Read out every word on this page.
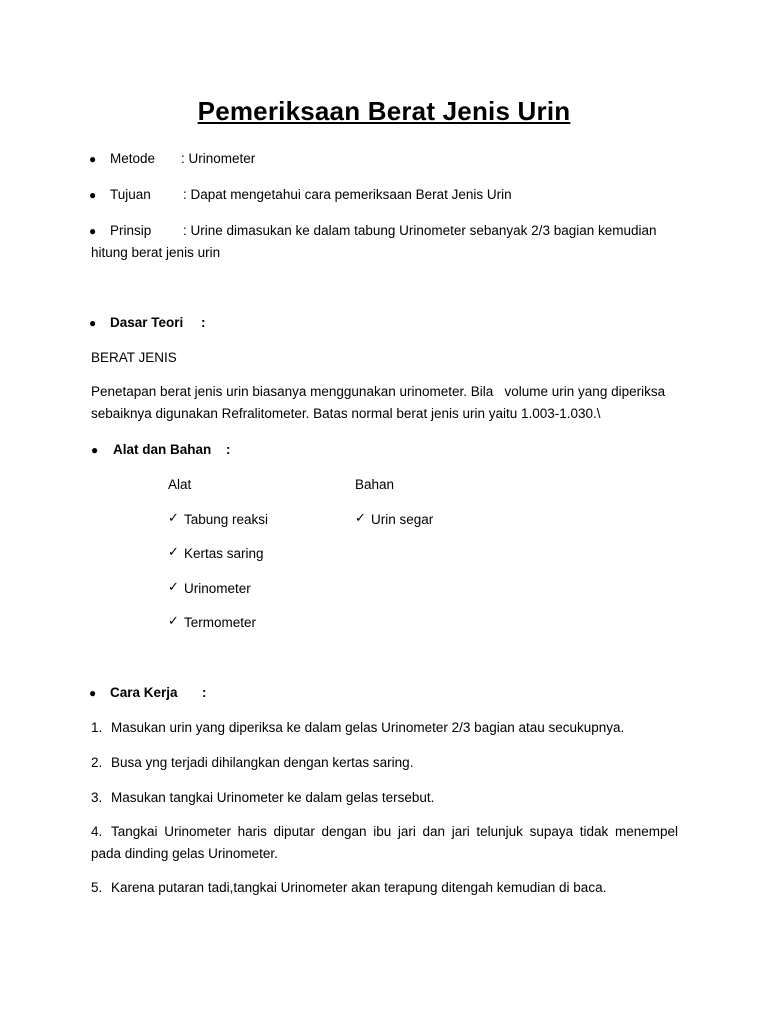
Pemeriksaan Berat Jenis Urin
● Metode : Urinometer
● Tujuan : Dapat mengetahui cara pemeriksaan Berat Jenis Urin
● Prinsip : Urine dimasukan ke dalam tabung Urinometer sebanyak 2/3 bagian kemudian
hitung berat jenis urin
● Dasar Teori :
BERAT JENIS
Penetapan berat jenis urin biasanya menggunakan urinometer. Bila   volume urin yang diperiksa
sebaiknya digunakan Refralitometer. Batas normal berat jenis urin yaitu 1.003-1.030.\
● Alat dan Bahan :
Alat	Bahan
✓ Tabung reaksi
✓ Kertas saring
✓ Urinometer
✓ Termometer
✓ Urin segar
● Cara Kerja :
1. Masukan urin yang diperiksa ke dalam gelas Urinometer 2/3 bagian atau secukupnya.
2. Busa yng terjadi dihilangkan dengan kertas saring.
3. Masukan tangkai Urinometer ke dalam gelas tersebut.
4. Tangkai Urinometer haris diputar dengan ibu jari dan jari telunjuk supaya tidak menempel
pada dinding gelas Urinometer.
5. Karena putaran tadi,tangkai Urinometer akan terapung ditengah kemudian di baca.
